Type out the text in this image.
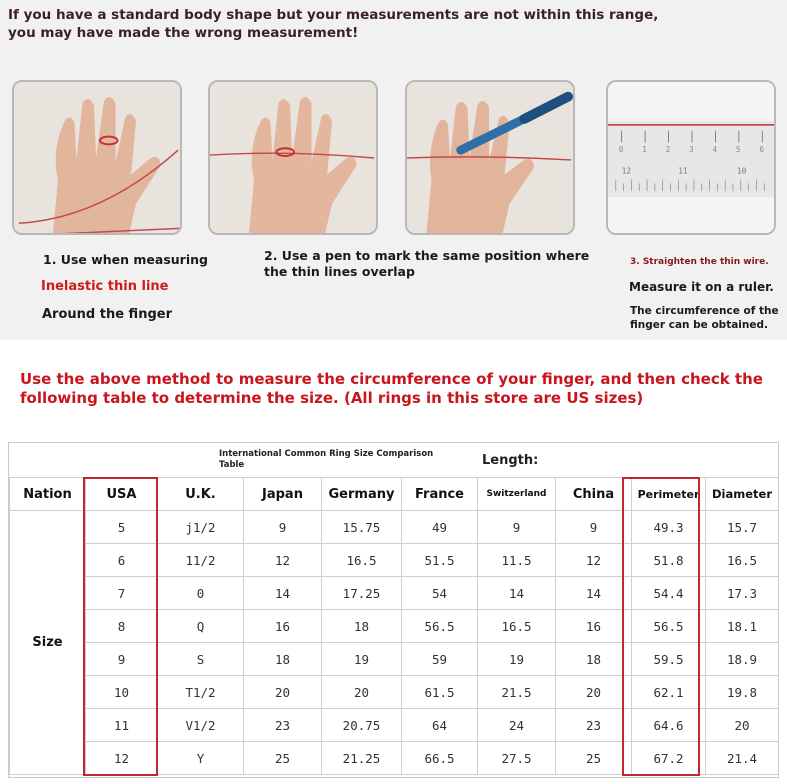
If you have a standard body shape but your measurements are not within this range,
you may have made the wrong measurement!
0 1 2 3 4 5 6
12	11	10
1. Use when measuring
Inelastic thin line
Around the finger
2. Use a pen to mark the same position where
the thin lines overlap
3. Straighten the thin wire.
Measure it on a ruler.
The circumference of the
finger can be obtained.
Use the above method to measure the circumference of your finger, and then check the
following table to determine the size. (All rings in this store are US sizes)
International Common Ring Size Comparison Table	Length:
Nation	USA	U.K.	Japan	Germany	France	Switzerland	China	Perimeter	Diameter
Size	5	j1/2	9	15.75	49	9	9	49.3	15.7
	6	11/2	12	16.5	51.5	11.5	12	51.8	16.5
	7	0	14	17.25	54	14	14	54.4	17.3
	8	Q	16	18	56.5	16.5	16	56.5	18.1
	9	S	18	19	59	19	18	59.5	18.9
	10	T1/2	20	20	61.5	21.5	20	62.1	19.8
	11	V1/2	23	20.75	64	24	23	64.6	20
	12	Y	25	21.25	66.5	27.5	25	67.2	21.4
